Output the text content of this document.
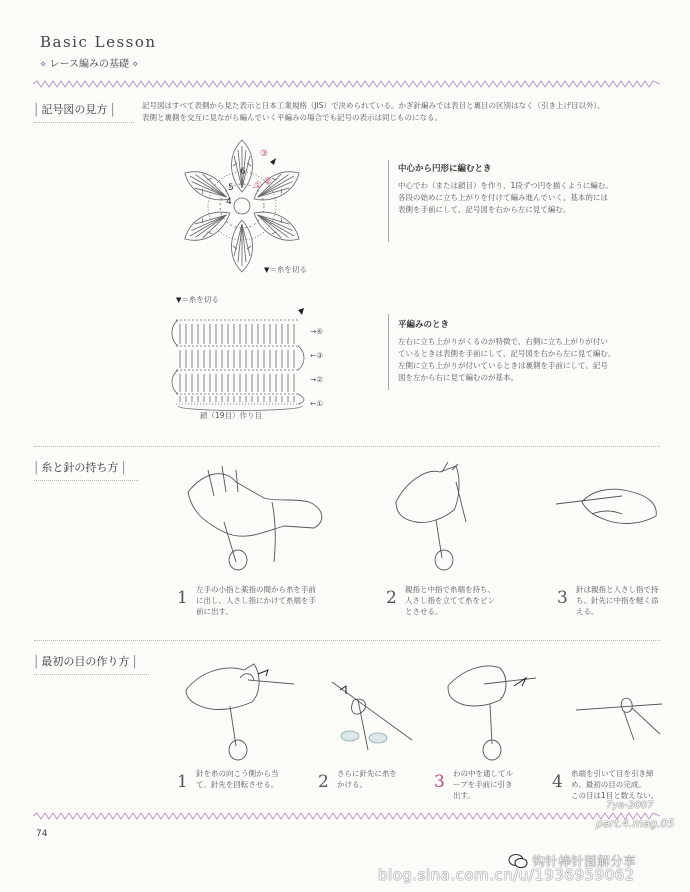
Basic Lesson
⋄ レース編みの基礎 ⋄
| 記号図の見方 |	記号図はすべて表側から見た表示と日本工業規格（JIS）で決められている。かぎ針編みでは表目と裏目の区別はなく（引き上げ目以外）、
表側と裏側を交互に見ながら編んでいく平編みの場合でも記号の表示は同じものになる。
6
5
4
③
②
①
▼＝糸を切る
中心から円形に編むとき
中心でわ（または鎖目）を作り、1段ずつ円を描くように編む。
各段の始めに立ち上がりを付けて編み進んでいく。基本的には
表側を手前にして、記号図を右から左に見て編む。
▼＝糸を切る
→④
←③
→②
←①
鎖（19目）作り目
平編みのとき
左右に立ち上がりがくるのが特徴で、右側に立ち上がりが付い
ているときは表側を手前にして、記号図を右から左に見て編む。
左側に立ち上がりが付いているときは裏側を手前にして、記号
図を左から右に見て編むのが基本。
| 糸と針の持ち方 |
1 左手の小指と薬指の間から糸を手前
に出し、人さし指にかけて糸端を手
前に出す。
2 親指と中指で糸端を持ち、
人さし指を立てて糸をピン
とさせる。
3 針は親指と人さし指で持
ち、針先に中指を軽く添
える。
| 最初の目の作り方 |
1 針を糸の向こう側から当
て、針先を回転させる。 2 さらに針先に糸を
かける。	3 わの中を通してル
ープを手前に引き
出す。
4 糸端を引いて目を引き締
め、最初の目の完成。
この目は1目と数えない。
74
7ya-2007
part.4.mag.05
钩针棒针图解分享
blog.sina.com.cn/u/1936959062
